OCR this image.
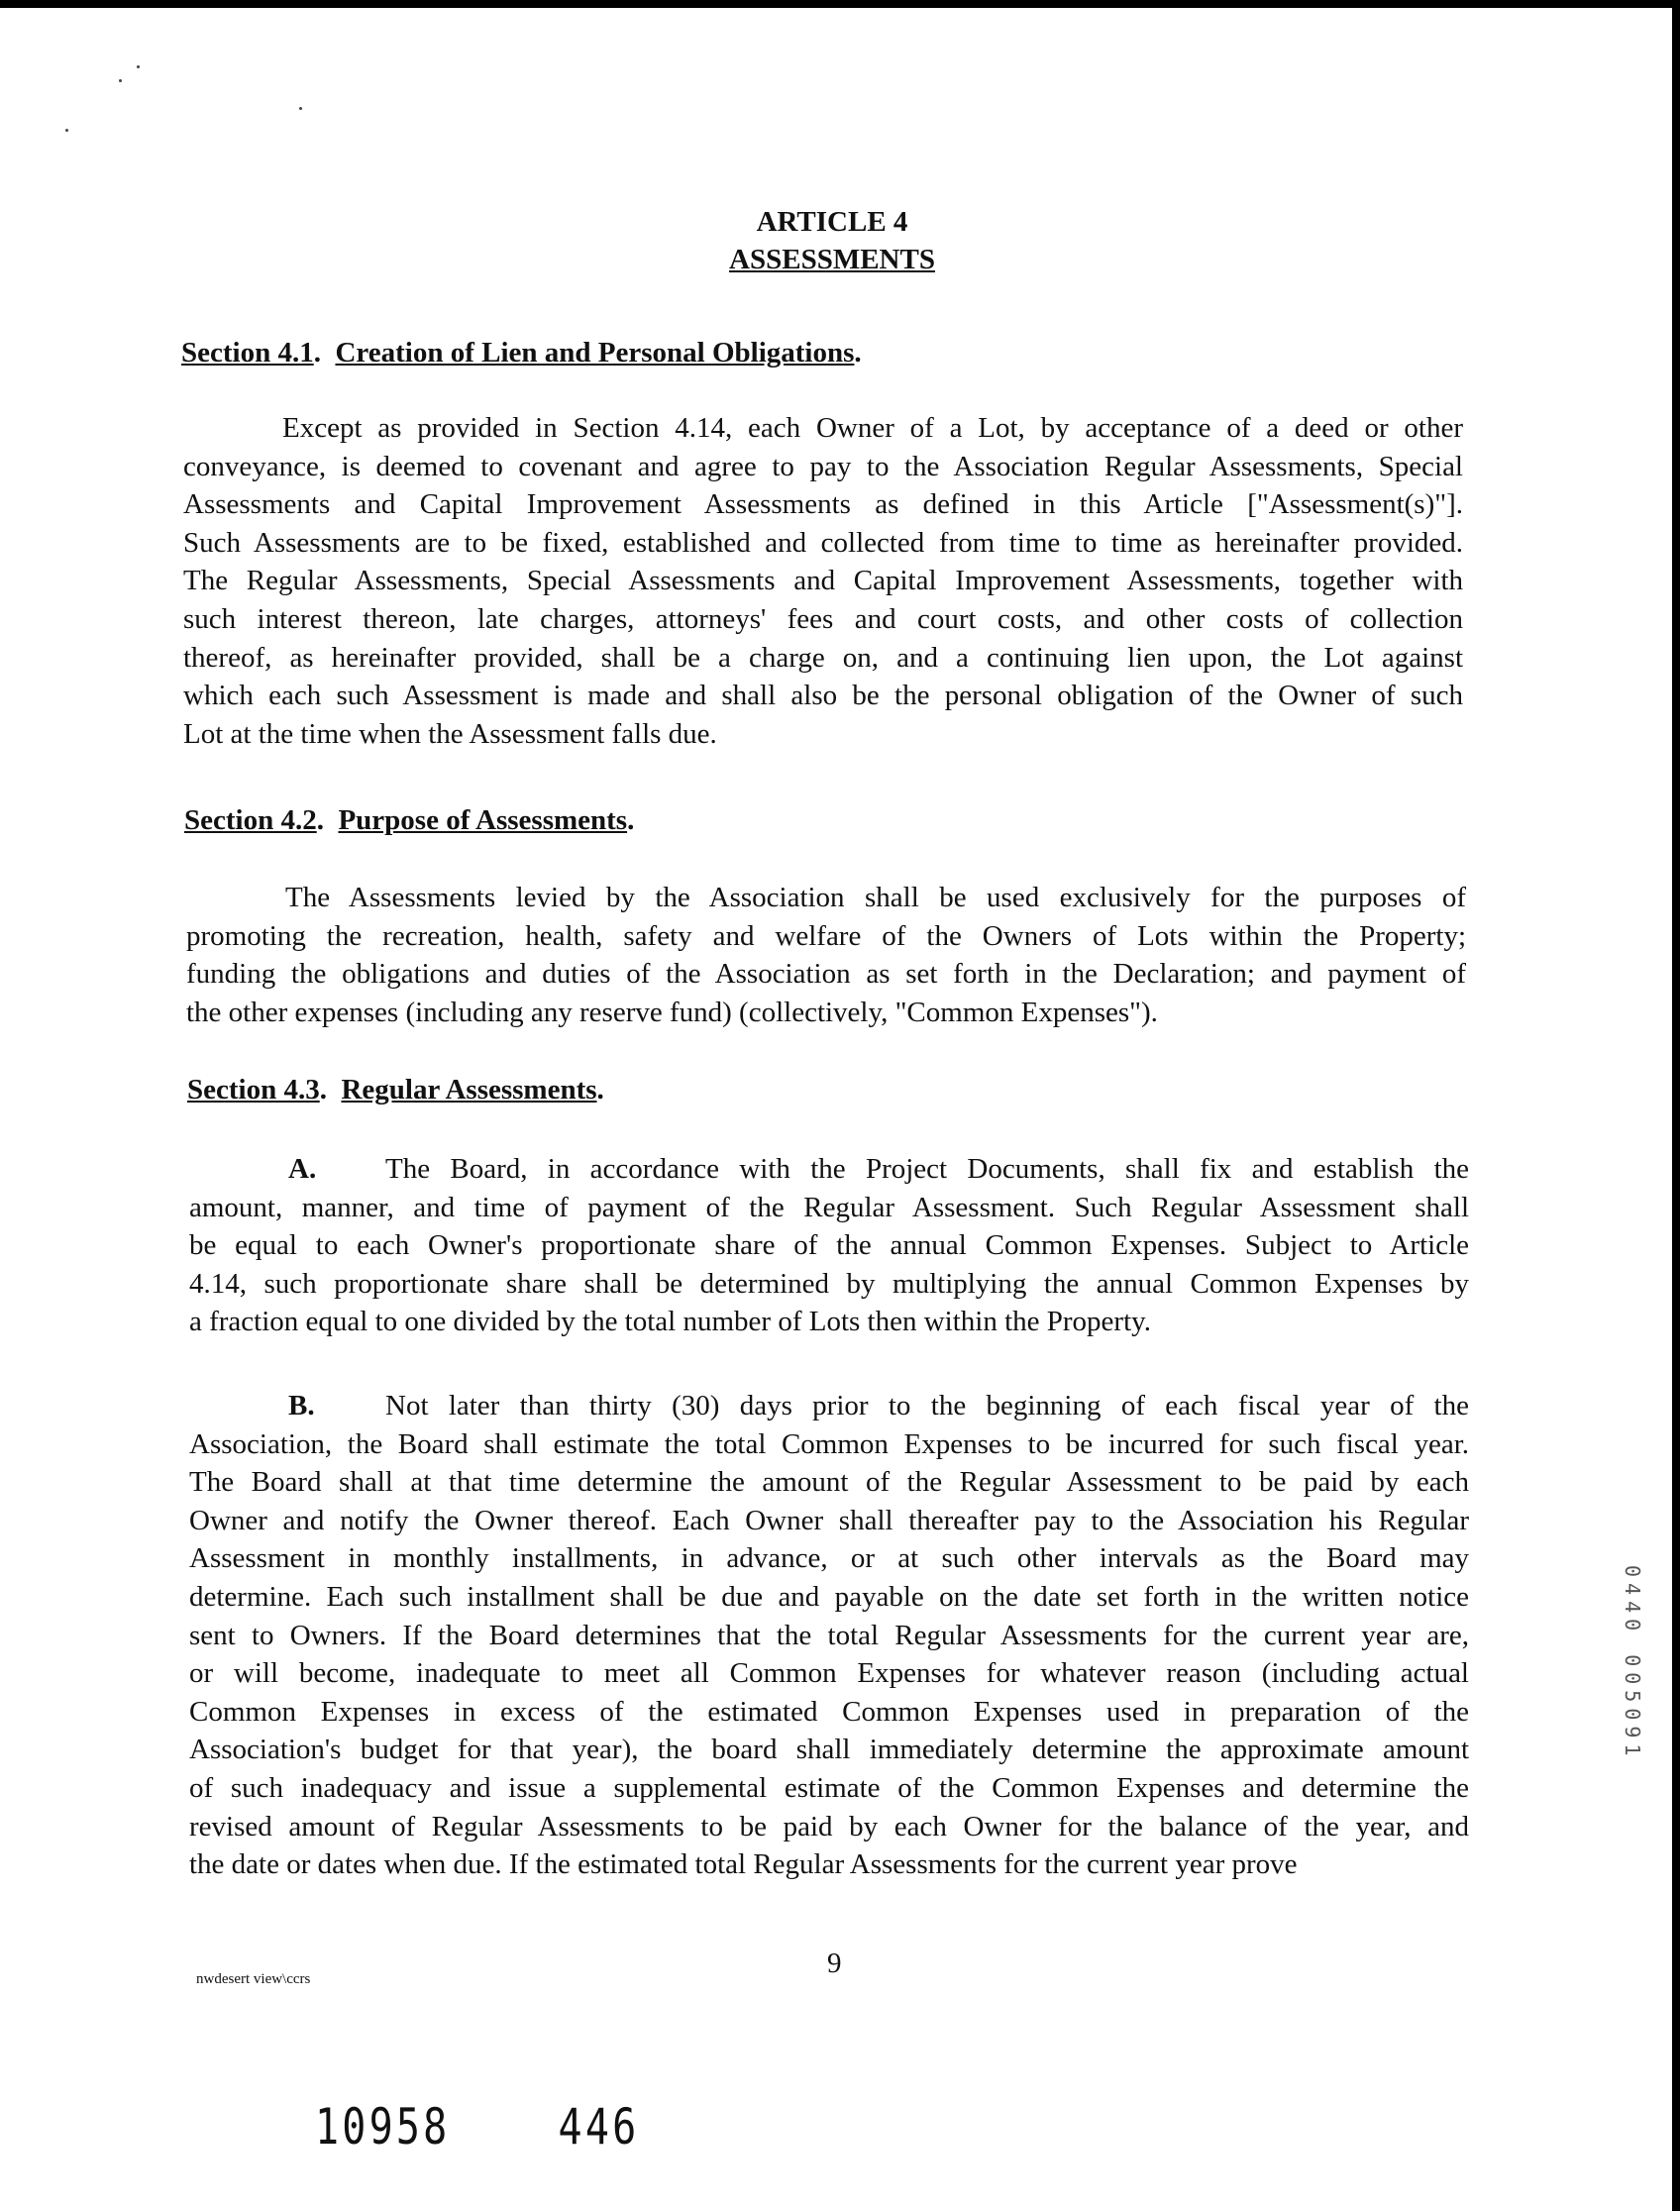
ARTICLE 4
ASSESSMENTS
Section 4.1.  Creation of Lien and Personal Obligations.
Except as provided in Section 4.14, each Owner of a Lot, by acceptance of a deed or other
conveyance, is deemed to covenant and agree to pay to the Association Regular Assessments, Special
Assessments and Capital Improvement Assessments as defined in this Article ["Assessment(s)"].
Such Assessments are to be fixed, established and collected from time to time as hereinafter provided.
The Regular Assessments, Special Assessments and Capital Improvement Assessments, together with
such interest thereon, late charges, attorneys' fees and court costs, and other costs of collection
thereof, as hereinafter provided, shall be a charge on, and a continuing lien upon, the Lot against
which each such Assessment is made and shall also be the personal obligation of the Owner of such
Lot at the time when the Assessment falls due.
Section 4.2.  Purpose of Assessments.
The Assessments levied by the Association shall be used exclusively for the purposes of
promoting the recreation, health, safety and welfare of the Owners of Lots within the Property;
funding the obligations and duties of the Association as set forth in the Declaration; and payment of
the other expenses (including any reserve fund) (collectively, "Common Expenses").
Section 4.3.  Regular Assessments.
A. The Board, in accordance with the Project Documents, shall fix and establish the
amount, manner, and time of payment of the Regular Assessment. Such Regular Assessment shall
be equal to each Owner's proportionate share of the annual Common Expenses. Subject to Article
4.14, such proportionate share shall be determined by multiplying the annual Common Expenses by
a fraction equal to one divided by the total number of Lots then within the Property.
B. Not later than thirty (30) days prior to the beginning of each fiscal year of the
Association, the Board shall estimate the total Common Expenses to be incurred for such fiscal year.
The Board shall at that time determine the amount of the Regular Assessment to be paid by each
Owner and notify the Owner thereof. Each Owner shall thereafter pay to the Association his Regular
Assessment in monthly installments, in advance, or at such other intervals as the Board may
determine. Each such installment shall be due and payable on the date set forth in the written notice
sent to Owners. If the Board determines that the total Regular Assessments for the current year are,
or will become, inadequate to meet all Common Expenses for whatever reason (including actual
Common Expenses in excess of the estimated Common Expenses used in preparation of the
Association's budget for that year), the board shall immediately determine the approximate amount
of such inadequacy and issue a supplemental estimate of the Common Expenses and determine the
revised amount of Regular Assessments to be paid by each Owner for the balance of the year, and
the date or dates when due. If the estimated total Regular Assessments for the current year prove
9
nwdesert view\ccrs
10958 446
0440 005091
